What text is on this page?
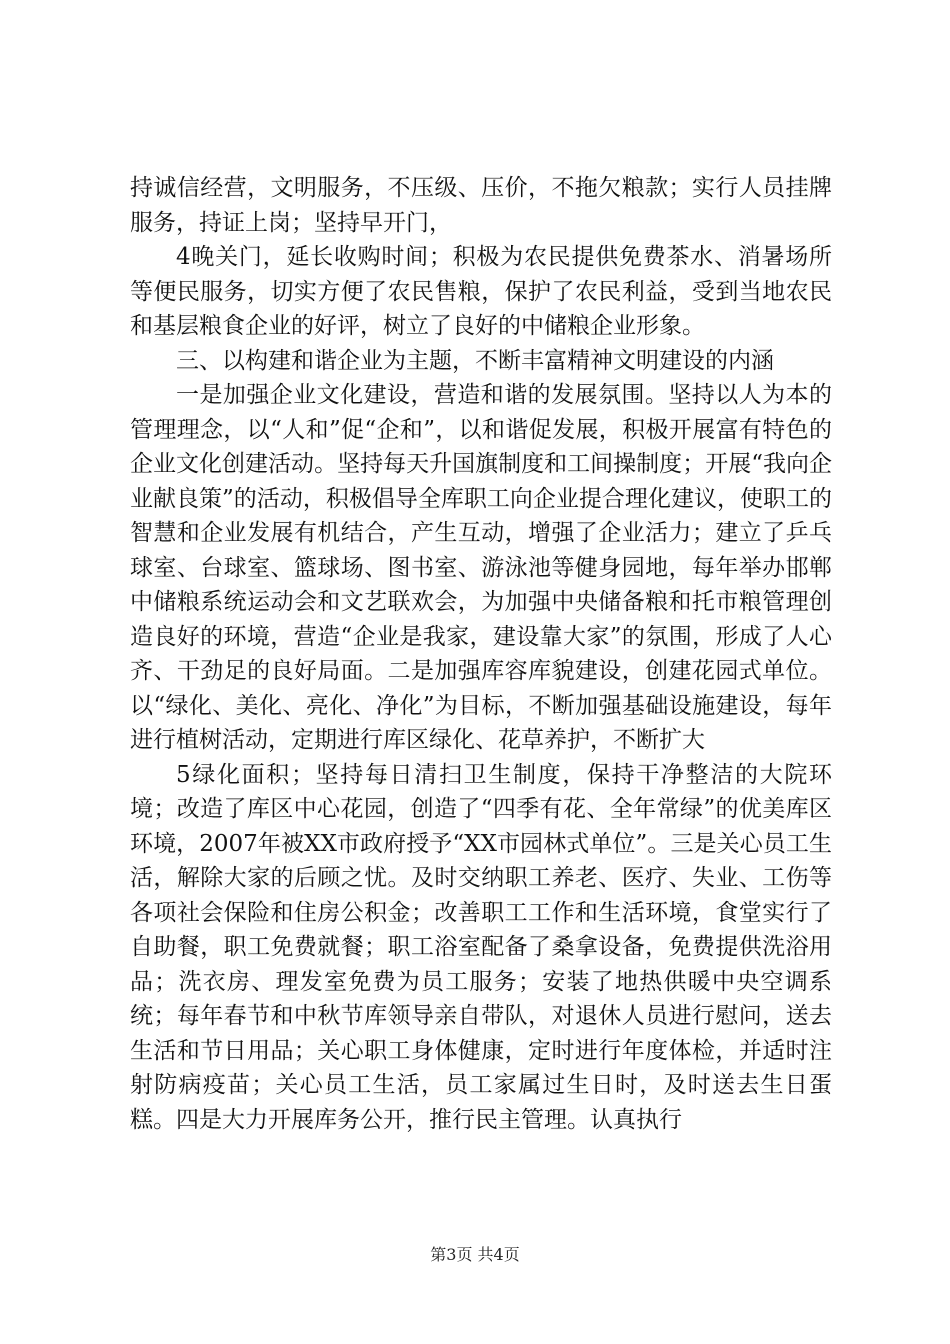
持诚信经营，文明服务，不压级、压价，不拖欠粮款；实行人员挂牌服务，持证上岗；坚持早开门，

4晚关门，延长收购时间；积极为农民提供免费茶水、消暑场所等便民服务，切实方便了农民售粮，保护了农民利益，受到当地农民和基层粮食企业的好评，树立了良好的中储粮企业形象。

三、以构建和谐企业为主题，不断丰富精神文明建设的内涵

一是加强企业文化建设，营造和谐的发展氛围。坚持以人为本的管理理念，以“人和”促“企和”，以和谐促发展，积极开展富有特色的企业文化创建活动。坚持每天升国旗制度和工间操制度；开展“我向企业献良策”的活动，积极倡导全库职工向企业提合理化建议，使职工的智慧和企业发展有机结合，产生互动，增强了企业活力；建立了乒乓球室、台球室、篮球场、图书室、游泳池等健身园地，每年举办邯郸中储粮系统运动会和文艺联欢会，为加强中央储备粮和托市粮管理创造良好的环境，营造“企业是我家，建设靠大家”的氛围，形成了人心齐、干劲足的良好局面。二是加强库容库貌建设，创建花园式单位。以“绿化、美化、亮化、净化”为目标，不断加强基础设施建设，每年进行植树活动，定期进行库区绿化、花草养护，不断扩大

5绿化面积；坚持每日清扫卫生制度，保持干净整洁的大院环境；改造了库区中心花园，创造了“四季有花、全年常绿”的优美库区环境，2007年被XX市政府授予“XX市园林式单位”。三是关心员工生活，解除大家的后顾之忧。及时交纳职工养老、医疗、失业、工伤等各项社会保险和住房公积金；改善职工工作和生活环境，食堂实行了自助餐，职工免费就餐；职工浴室配备了桑拿设备，免费提供洗浴用品；洗衣房、理发室免费为员工服务；安装了地热供暖中央空调系统；每年春节和中秋节库领导亲自带队，对退休人员进行慰问，送去生活和节日用品；关心职工身体健康，定时进行年度体检，并适时注射防病疫苗；关心员工生活，员工家属过生日时，及时送去生日蛋糕。四是大力开展库务公开，推行民主管理。认真执行

第3页 共4页
